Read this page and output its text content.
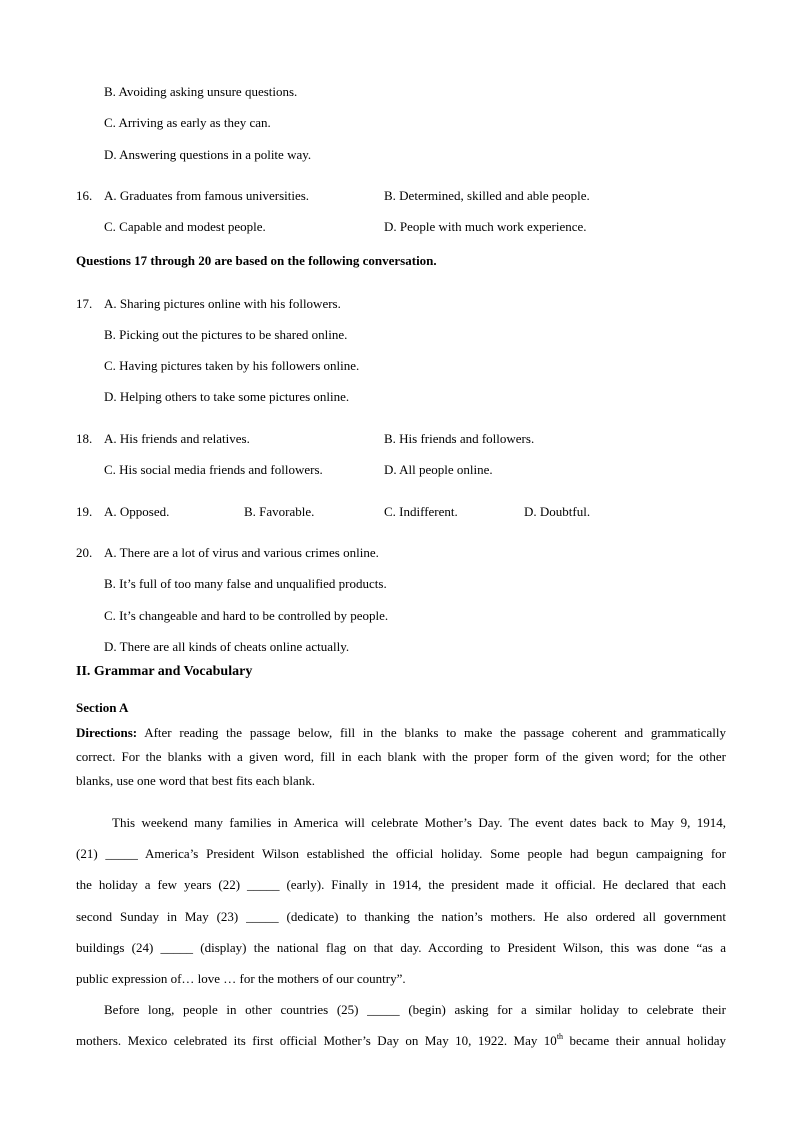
B. Avoiding asking unsure questions.
C. Arriving as early as they can.
D. Answering questions in a polite way.
16. A. Graduates from famous universities.	B. Determined, skilled and able people.
C. Capable and modest people.	D. People with much work experience.
Questions 17 through 20 are based on the following conversation.
17. A. Sharing pictures online with his followers.
B. Picking out the pictures to be shared online.
C. Having pictures taken by his followers online.
D. Helping others to take some pictures online.
18. A. His friends and relatives.	B. His friends and followers.
C. His social media friends and followers.	D. All people online.
19. A. Opposed.	B. Favorable.	C. Indifferent.	D. Doubtful.
20. A. There are a lot of virus and various crimes online.
B. It’s full of too many false and unqualified products.
C. It’s changeable and hard to be controlled by people.
D. There are all kinds of cheats online actually.
II. Grammar and Vocabulary
Section A
Directions: After reading the passage below, fill in the blanks to make the passage coherent and grammatically
correct. For the blanks with a given word, fill in each blank with the proper form of the given word; for the other
blanks, use one word that best fits each blank.
This weekend many families in America will celebrate Mother’s Day. The event dates back to May 9, 1914,
(21) _____ America’s President Wilson established the official holiday. Some people had begun campaigning for
the holiday a few years (22) _____ (early). Finally in 1914, the president made it official. He declared that each
second Sunday in May (23) _____ (dedicate) to thanking the nation’s mothers. He also ordered all government
buildings (24) _____ (display) the national flag on that day. According to President Wilson, this was done “as a
public expression of… love … for the mothers of our country”.
Before long, people in other countries (25) _____ (begin) asking for a similar holiday to celebrate their
mothers. Mexico celebrated its first official Mother’s Day on May 10, 1922. May 10th became their annual holiday
